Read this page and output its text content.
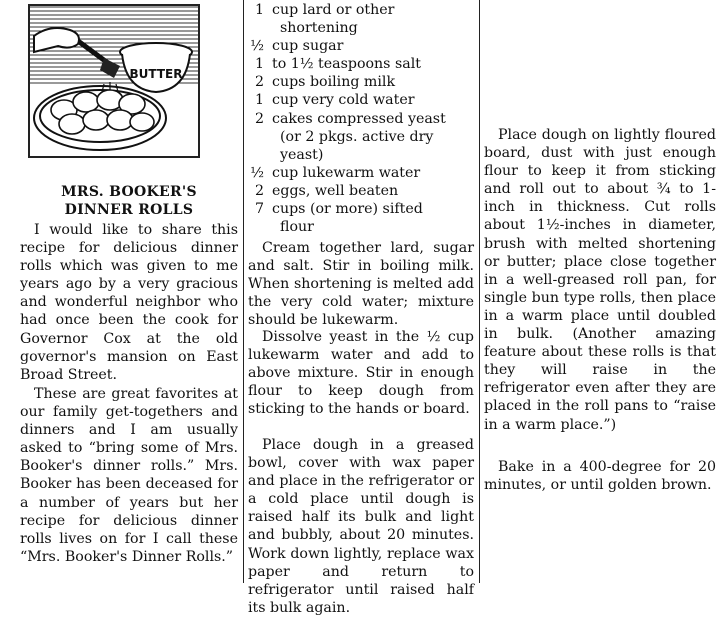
BUTTER
MRS. BOOKER'S
DINNER ROLLS

I would like to share this recipe for delicious dinner rolls which was given to me years ago by a very gracious and wonderful neighbor who had once been the cook for Governor Cox at the old governor's mansion on East Broad Street.

These are great favorites at our family get-togethers and dinners and I am usually asked to “bring some of Mrs. Booker's dinner rolls.” Mrs. Booker has been deceased for a number of years but her recipe for delicious dinner rolls lives on for I call these “Mrs. Booker's Dinner Rolls.”

1 cup lard or other
shortening
½ cup sugar
1 to 1½ teaspoons salt
2 cups boiling milk
1 cup very cold water
2 cakes compressed yeast
(or 2 pkgs. active dry
yeast)
½ cup lukewarm water
2 eggs, well beaten
7 cups (or more) sifted
flour

Cream together lard, sugar and salt. Stir in boiling milk. When shortening is melted add the very cold water; mixture should be lukewarm.

Dissolve yeast in the ½ cup lukewarm water and add to above mixture. Stir in enough flour to keep dough from sticking to the hands or board.

Place dough in a greased bowl, cover with wax paper and place in the refrigerator or a cold place until dough is raised half its bulk and light and bubbly, about 20 minutes. Work down lightly, replace wax paper and return to refrigerator until raised half its bulk again.

Place dough on lightly floured board, dust with just enough flour to keep it from sticking and roll out to about ¾ to 1-inch in thickness. Cut rolls about 1½-inches in diameter, brush with melted shortening or butter; place close together in a well-greased roll pan, for single bun type rolls, then place in a warm place until doubled in bulk. (Another amazing feature about these rolls is that they will raise in the refrigerator even after they are placed in the roll pans to “raise in a warm place.”)

Bake in a 400-degree for 20 minutes, or until golden brown.
